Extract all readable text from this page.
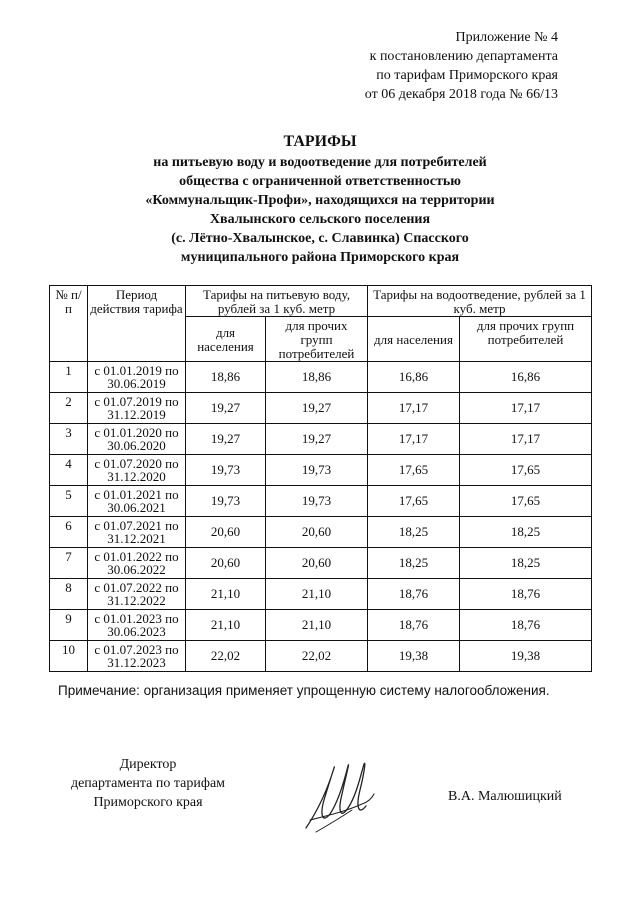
Приложение № 4
к постановлению департамента
по тарифам Приморского края
от 06 декабря 2018 года № 66/13
ТАРИФЫ
на питьевую воду и водоотведение для потребителей
общества с ограниченной ответственностью
«Коммунальщик-Профи», находящихся на территории
Хвалынского сельского поселения
(с. Лётно-Хвалынское, с. Славинка) Спасского
муниципального района Приморского края
№ п/п	Период действия тарифа	Тарифы на питьевую воду, рублей за 1 куб. метр		Тарифы на водоотведение, рублей за 1 куб. метр	
		для населения	для прочих групп потребителей	для населения	для прочих групп потребителей
1	с 01.01.2019 по 30.06.2019	18,86	18,86	16,86	16,86
2	с 01.07.2019 по 31.12.2019	19,27	19,27	17,17	17,17
3	с 01.01.2020 по 30.06.2020	19,27	19,27	17,17	17,17
4	с 01.07.2020 по 31.12.2020	19,73	19,73	17,65	17,65
5	с 01.01.2021 по 30.06.2021	19,73	19,73	17,65	17,65
6	с 01.07.2021 по 31.12.2021	20,60	20,60	18,25	18,25
7	с 01.01.2022 по 30.06.2022	20,60	20,60	18,25	18,25
8	с 01.07.2022 по 31.12.2022	21,10	21,10	18,76	18,76
9	с 01.01.2023 по 30.06.2023	21,10	21,10	18,76	18,76
10	с 01.07.2023 по 31.12.2023	22,02	22,02	19,38	19,38
Примечание: организация применяет упрощенную систему налогообложения.
Директор
департамента по тарифам
Приморского края	В.А. Малюшицкий
